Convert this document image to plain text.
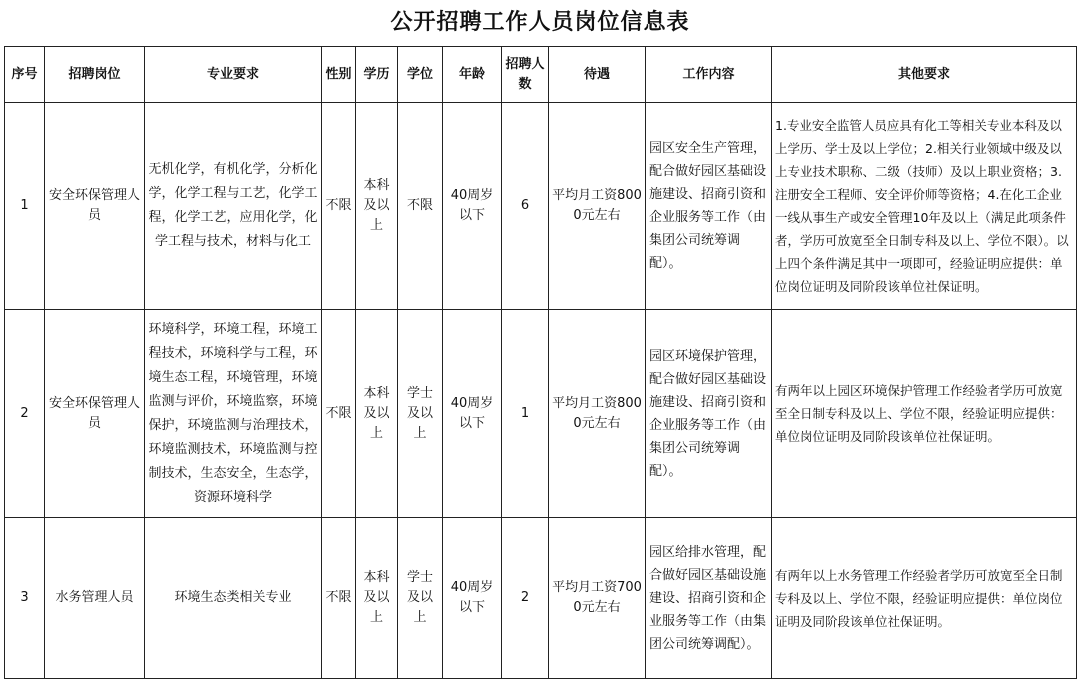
公开招聘工作人员岗位信息表
序号	招聘岗位	专业要求	性别	学历	学位	年龄	招聘人数	待遇	工作内容	其他要求
1	安全环保管理人员	无机化学，有机化学，分析化学，化学工程与工艺，化学工程，化学工艺，应用化学，化学工程与技术，材料与化工	不限	本科及以上	不限	40周岁以下	6	平均月工资8000元左右	园区安全生产管理，配合做好园区基础设施建设、招商引资和企业服务等工作（由集团公司统筹调配）。	1.专业安全监管人员应具有化工等相关专业本科及以上学历、学士及以上学位；2.相关行业领域中级及以上专业技术职称、二级（技师）及以上职业资格；3.注册安全工程师、安全评价师等资格；4.在化工企业一线从事生产或安全管理10年及以上（满足此项条件者，学历可放宽至全日制专科及以上、学位不限）。以上四个条件满足其中一项即可，经验证明应提供：单位岗位证明及同阶段该单位社保证明。
2	安全环保管理人员	环境科学，环境工程，环境工程技术，环境科学与工程，环境生态工程，环境管理，环境监测与评价，环境监察，环境保护，环境监测与治理技术，环境监测技术，环境监测与控制技术，生态安全，生态学，资源环境科学	不限	本科及以上	学士及以上	40周岁以下	1	平均月工资8000元左右	园区环境保护管理，配合做好园区基础设施建设、招商引资和企业服务等工作（由集团公司统筹调配）。	有两年以上园区环境保护管理工作经验者学历可放宽至全日制专科及以上、学位不限，经验证明应提供：单位岗位证明及同阶段该单位社保证明。
3	水务管理人员	环境生态类相关专业	不限	本科及以上	学士及以上	40周岁以下	2	平均月工资7000元左右	园区给排水管理，配合做好园区基础设施建设、招商引资和企业服务等工作（由集团公司统筹调配）。	有两年以上水务管理工作经验者学历可放宽至全日制专科及以上、学位不限，经验证明应提供：单位岗位证明及同阶段该单位社保证明。
